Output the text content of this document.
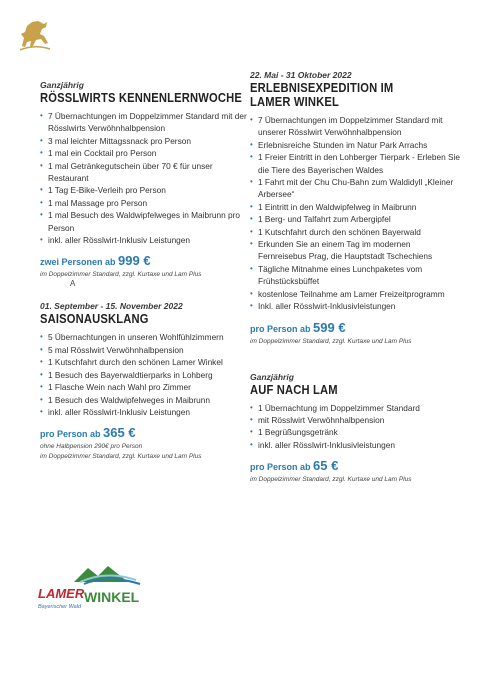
Ganzjährig
RÖSSLWIRTS KENNENLERNWOCHE
• 7 Übernachtungen im Doppelzimmer Standard mit der Rösslwirts Verwöhnhalbpension
• 3 mal leichter Mittagssnack pro Person
• 1 mal ein Cocktail pro Person
• 1 mal Getränkegutschein über 70 € für unser Restaurant
• 1 Tag E-Bike-Verleih pro Person
• 1 mal Massage pro Person
• 1 mal Besuch des Waldwipfelweges in Maibrunn pro Person
• inkl. aller Rösslwirt-Inklusiv Leistungen
zwei Personen ab 999 €
im Doppelzimmer Standard, zzgl. Kurtaxe und Lam Plus
A
01. September - 15. November 2022
SAISONAUSKLANG
• 5 Übernachtungen in unseren Wohlfühlzimmern
• 5 mal Rösslwirt Verwöhnhalbpension
• 1 Kutschfahrt durch den schönen Lamer Winkel
• 1 Besuch des Bayerwaldtierparks in Lohberg
• 1 Flasche Wein nach Wahl pro Zimmer
• 1 Besuch des Waldwipfelweges in Maibrunn
• inkl. aller Rösslwirt-Inklusiv Leistungen
pro Person ab 365 €
ohne Halbpension 290€ pro Person
im Doppelzimmer Standard, zzgl. Kurtaxe und Lam Plus
22. Mai - 31 Oktober 2022
ERLEBNISEXPEDITION IM LAMER WINKEL
• 7 Übernachtungen im Doppelzimmer Standard mit unserer Rösslwirt Verwöhnhalbpension
• Erlebnisreiche Stunden im Natur Park Arrachs
• 1 Freier Eintritt in den Lohberger Tierpark - Erleben Sie die Tiere des Bayerischen Waldes
• 1 Fahrt mit der Chu Chu-Bahn zum Waldidyll „Kleiner Arbersee“
• 1 Eintritt in den Waldwipfelweg in Maibrunn
• 1 Berg- und Talfahrt zum Arbergipfel
• 1 Kutschfahrt durch den schönen Bayerwald
• Erkunden Sie an einem Tag im modernen Fernreisebus Prag, die Hauptstadt Tschechiens
• Tägliche Mitnahme eines Lunchpaketes vom Frühstücksbüffet
• kostenlose Teilnahme am Lamer Freizeitprogramm
• Inkl. aller Rösslwirt-Inklusivleistungen
pro Person ab 599 €
im Doppelzimmer Standard, zzgl. Kurtaxe und Lam Plus
Ganzjährig
AUF NACH LAM
• 1 Übernachtung im Doppelzimmer Standard
• mit Rösslwirt Verwöhnhalbpension
• 1 Begrüßungsgetränk
• inkl. aller Rösslwirt-Inklusivleistungen
pro Person ab 65 €
im Doppelzimmer Standard, zzgl. Kurtaxe und Lam Plus
LAMER WINKEL
Bayerischer Wald
